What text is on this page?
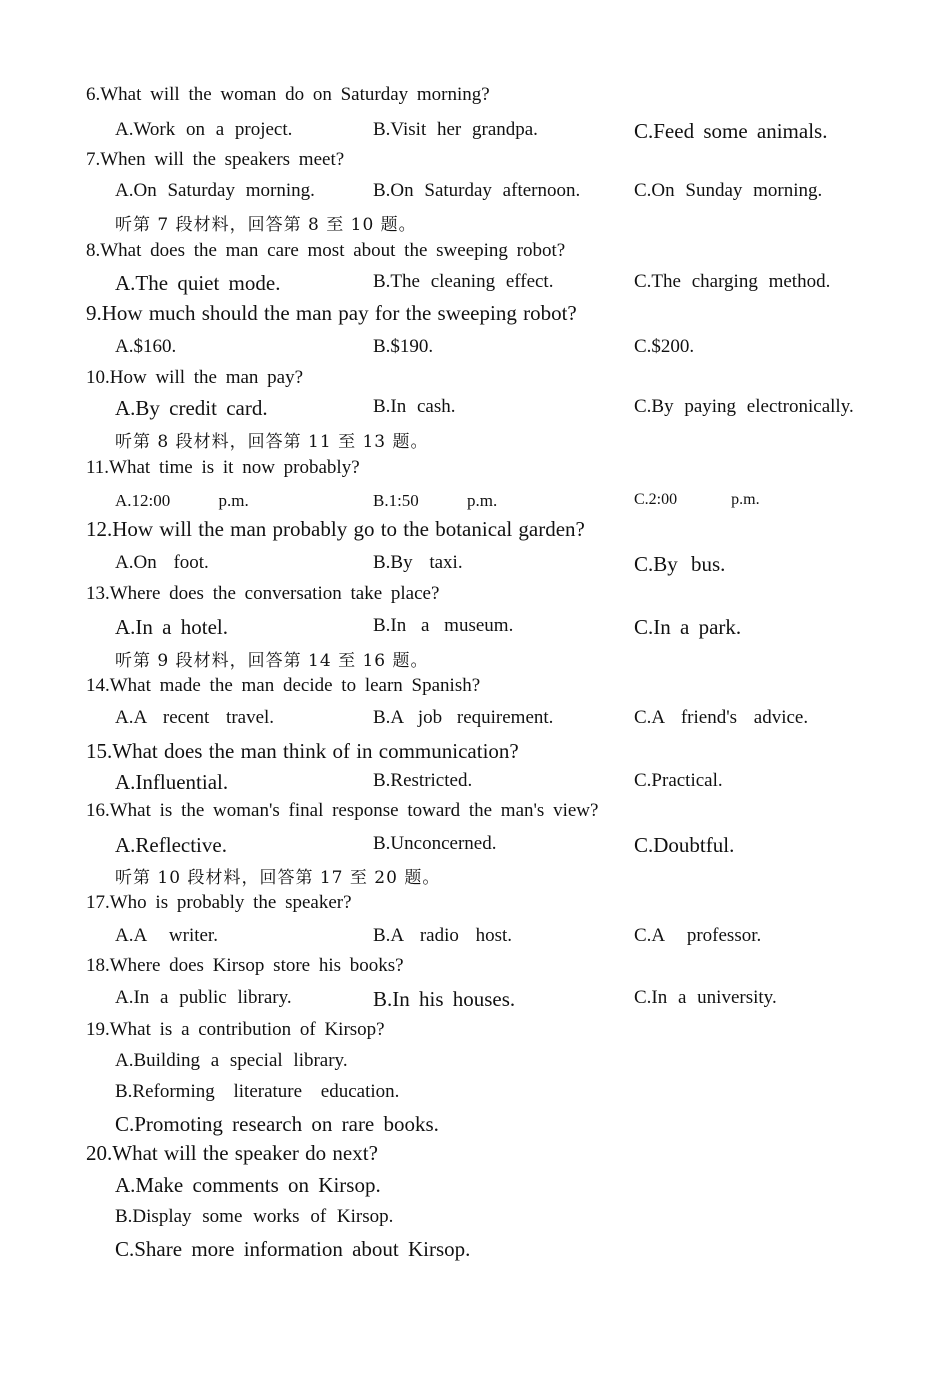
6.What will the woman do on Saturday morning?
A.Work on a project.	B.Visit her grandpa.	C.Feed some animals.
7.When will the speakers meet?
A.On Saturday morning.	B.On Saturday afternoon.	C.On Sunday morning.
听第 7 段材料，回答第 8 至 10 题。
8.What does the man care most about the sweeping robot?
A.The quiet mode.	B.The cleaning effect.	C.The charging method.
9.How much should the man pay for the sweeping robot?
A.$160.	B.$190.	C.$200.
10.How will the man pay?
A.By credit card.	B.In cash.	C.By paying electronically.
听第 8 段材料，回答第 11 至 13 题。
11.What time is it now probably?
A.12:00 p.m.	B.1:50 p.m.	C.2:00 p.m.
12.How will the man probably go to the botanical garden?
A.On foot.	B.By taxi.	C.By bus.
13.Where does the conversation take place?
A.In a hotel.	B.In a museum.	C.In a park.
听第 9 段材料，回答第 14 至 16 题。
14.What made the man decide to learn Spanish?
A.A recent travel.	B.A job requirement.	C.A friend's advice.
15.What does the man think of in communication?
A.Influential.	B.Restricted.	C.Practical.
16.What is the woman's final response toward the man's view?
A.Reflective.	B.Unconcerned.	C.Doubtful.
听第 10 段材料，回答第 17 至 20 题。
17.Who is probably the speaker?
A.A writer.	B.A radio host.	C.A professor.
18.Where does Kirsop store his books?
A.In a public library.	B.In his houses.	C.In a university.
19.What is a contribution of Kirsop?
A.Building a special library.
B.Reforming literature education.
C.Promoting research on rare books.
20.What will the speaker do next?
A.Make comments on Kirsop.
B.Display some works of Kirsop.
C.Share more information about Kirsop.
